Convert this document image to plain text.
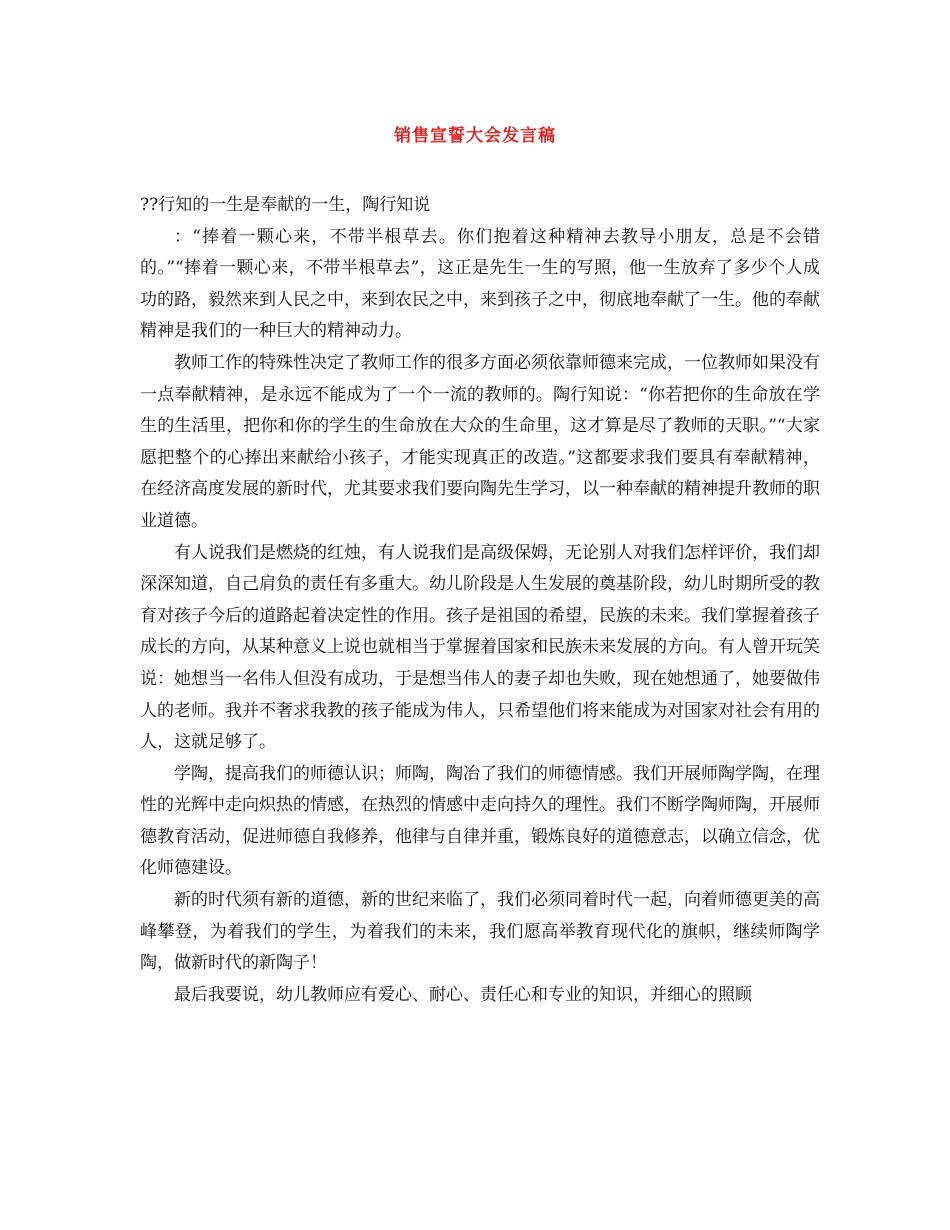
销售宣誓大会发言稿

??行知的一生是奉献的一生，陶行知说

：“捧着一颗心来，不带半根草去。你们抱着这种精神去教导小朋友，总是不会错的。”“捧着一颗心来，不带半根草去”，这正是先生一生的写照，他一生放弃了多少个人成功的路，毅然来到人民之中，来到农民之中，来到孩子之中，彻底地奉献了一生。他的奉献精神是我们的一种巨大的精神动力。

教师工作的特殊性决定了教师工作的很多方面必须依靠师德来完成，一位教师如果没有一点奉献精神，是永远不能成为了一个一流的教师的。陶行知说：“你若把你的生命放在学生的生活里，把你和你的学生的生命放在大众的生命里，这才算是尽了教师的天职。”“大家愿把整个的心捧出来献给小孩子，才能实现真正的改造。”这都要求我们要具有奉献精神，在经济高度发展的新时代，尤其要求我们要向陶先生学习，以一种奉献的精神提升教师的职业道德。

有人说我们是燃烧的红烛，有人说我们是高级保姆，无论别人对我们怎样评价，我们却深深知道，自己肩负的责任有多重大。幼儿阶段是人生发展的奠基阶段，幼儿时期所受的教育对孩子今后的道路起着决定性的作用。孩子是祖国的希望，民族的未来。我们掌握着孩子成长的方向，从某种意义上说也就相当于掌握着国家和民族未来发展的方向。有人曾开玩笑说：她想当一名伟人但没有成功，于是想当伟人的妻子却也失败，现在她想通了，她要做伟人的老师。我并不奢求我教的孩子能成为伟人，只希望他们将来能成为对国家对社会有用的人，这就足够了。

学陶，提高我们的师德认识；师陶，陶冶了我们的师德情感。我们开展师陶学陶，在理性的光辉中走向炽热的情感，在热烈的情感中走向持久的理性。我们不断学陶师陶，开展师德教育活动，促进师德自我修养，他律与自律并重，锻炼良好的道德意志，以确立信念，优化师德建设。

新的时代须有新的道德，新的世纪来临了，我们必须同着时代一起，向着师德更美的高峰攀登，为着我们的学生，为着我们的未来，我们愿高举教育现代化的旗帜，继续师陶学陶，做新时代的新陶子！

最后我要说，幼儿教师应有爱心、耐心、责任心和专业的知识，并细心的照顾
